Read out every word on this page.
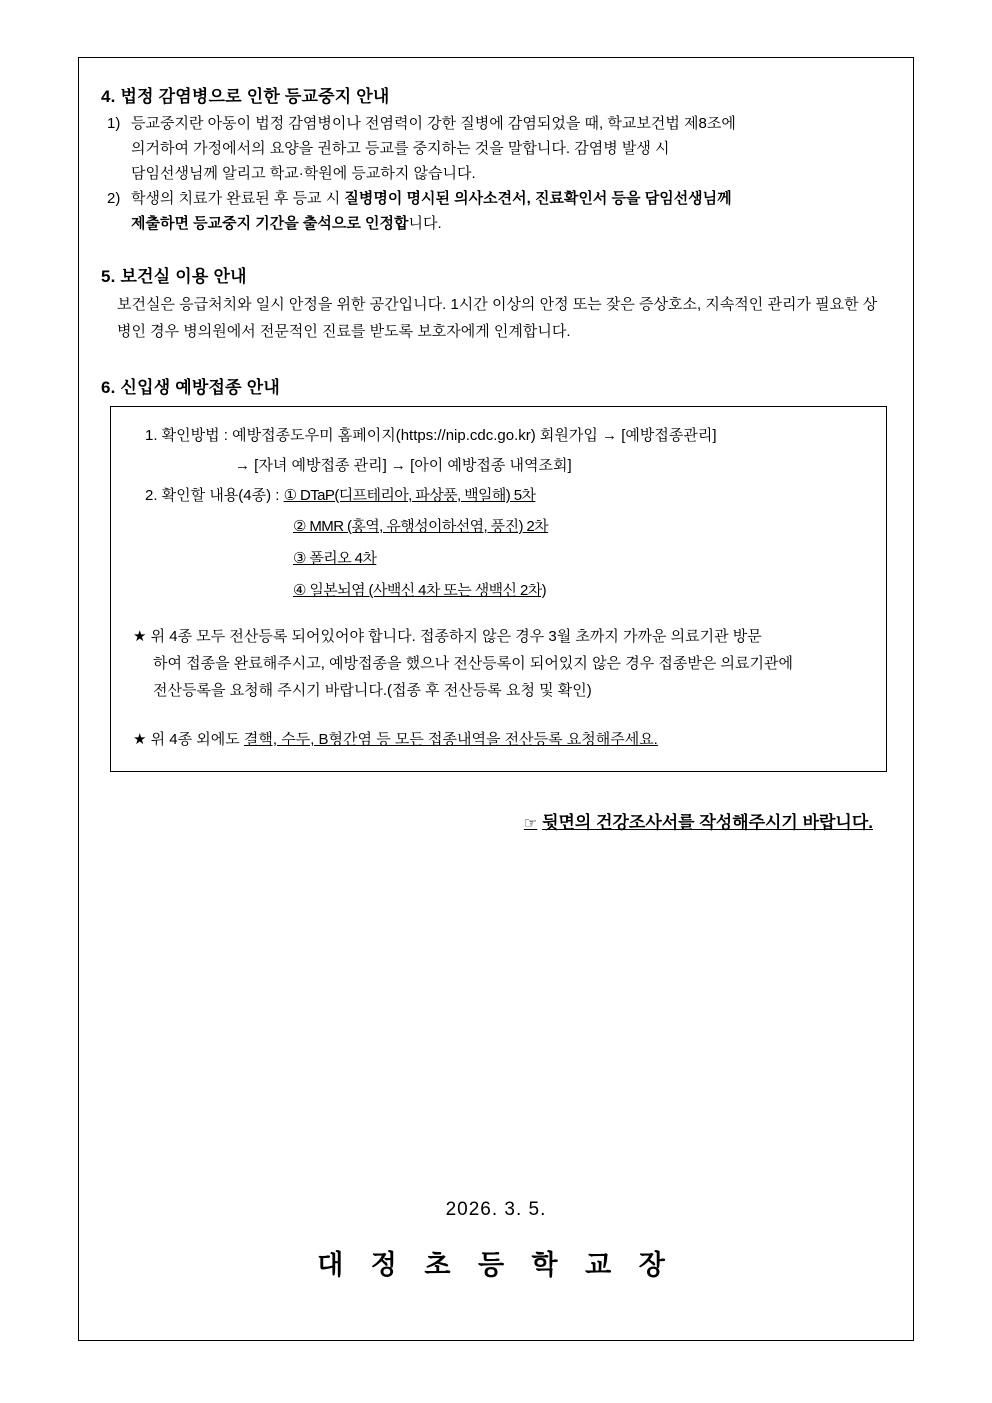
4. 법정 감염병으로 인한 등교중지 안내
1) 등교중지란 아동이 법정 감염병이나 전염력이 강한 질병에 감염되었을 때, 학교보건법 제8조에
의거하여 가정에서의 요양을 권하고 등교를 중지하는 것을 말합니다. 감염병 발생 시
담임선생님께 알리고 학교·학원에 등교하지 않습니다.
2) 학생의 치료가 완료된 후 등교 시 질병명이 명시된 의사소견서, 진료확인서 등을 담임선생님께
제출하면 등교중지 기간을 출석으로 인정합니다.
5. 보건실 이용 안내
보건실은 응급처치와 일시 안정을 위한 공간입니다. 1시간 이상의 안정 또는 잦은 증상호소, 지속적인 관리가 필요한 상병인 경우 병의원에서 전문적인 진료를 받도록 보호자에게 인계합니다.
6. 신입생 예방접종 안내
1. 확인방법 : 예방접종도우미 홈페이지(https://nip.cdc.go.kr) 회원가입 → [예방접종관리]
→ [자녀 예방접종 관리] → [아이 예방접종 내역조회]
2. 확인할 내용(4종) : ① DTaP(디프테리아, 파상풍, 백일해) 5차
② MMR (홍역, 유행성이하선염, 풍진) 2차
③ 폴리오 4차
④ 일본뇌염 (사백신 4차 또는 생백신 2차)
★ 위 4종 모두 전산등록 되어있어야 합니다. 접종하지 않은 경우 3월 초까지 가까운 의료기관 방문
하여 접종을 완료해주시고, 예방접종을 했으나 전산등록이 되어있지 않은 경우 접종받은 의료기관에
전산등록을 요청해 주시기 바랍니다.(접종 후 전산등록 요청 및 확인)
★ 위 4종 외에도 결핵, 수두, B형간염 등 모든 접종내역을 전산등록 요청해주세요.
☞ 뒷면의 건강조사서를 작성해주시기 바랍니다.
2026. 3. 5.
대 정 초 등 학 교 장
